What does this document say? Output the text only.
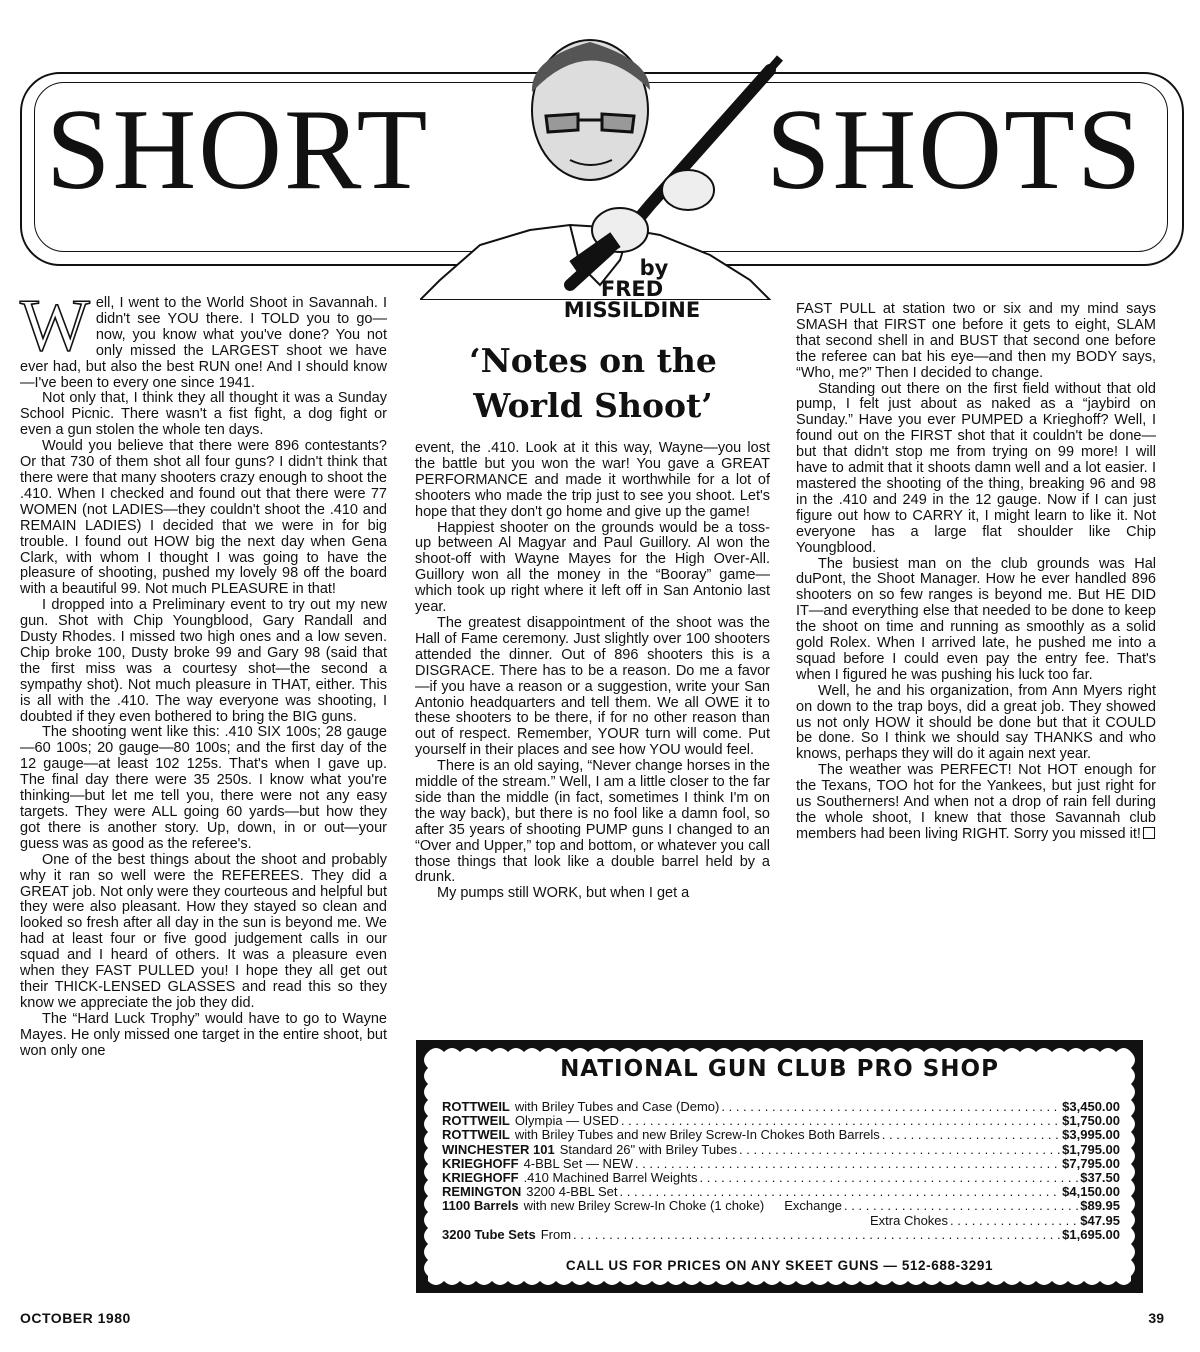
SHORT	SHOTS
by
FRED
MISSILDINE
‘Notes on the
World Shoot’

Well, I went to the World Shoot in Savannah. I didn't see YOU there. I TOLD you to go—now, you know what you've done? You not only missed the LARGEST shoot we have ever had, but also the best RUN one! And I should know—I've been to every one since 1941.

Not only that, I think they all thought it was a Sunday School Picnic. There wasn't a fist fight, a dog fight or even a gun stolen the whole ten days.

Would you believe that there were 896 contestants? Or that 730 of them shot all four guns? I didn't think that there were that many shooters crazy enough to shoot the .410. When I checked and found out that there were 77 WOMEN (not LADIES—they couldn't shoot the .410 and REMAIN LADIES) I decided that we were in for big trouble. I found out HOW big the next day when Gena Clark, with whom I thought I was going to have the pleasure of shooting, pushed my lovely 98 off the board with a beautiful 99. Not much PLEASURE in that!

I dropped into a Preliminary event to try out my new gun. Shot with Chip Youngblood, Gary Randall and Dusty Rhodes. I missed two high ones and a low seven. Chip broke 100, Dusty broke 99 and Gary 98 (said that the first miss was a courtesy shot—the second a sympathy shot). Not much pleasure in THAT, either. This is all with the .410. The way everyone was shooting, I doubted if they even bothered to bring the BIG guns.

The shooting went like this: .410 SIX 100s; 28 gauge—60 100s; 20 gauge—80 100s; and the first day of the 12 gauge—at least 102 125s. That's when I gave up. The final day there were 35 250s. I know what you're thinking—but let me tell you, there were not any easy targets. They were ALL going 60 yards—but how they got there is another story. Up, down, in or out—your guess was as good as the referee's.

One of the best things about the shoot and probably why it ran so well were the REFEREES. They did a GREAT job. Not only were they courteous and helpful but they were also pleasant. How they stayed so clean and looked so fresh after all day in the sun is beyond me. We had at least four or five good judgement calls in our squad and I heard of others. It was a pleasure even when they FAST PULLED you! I hope they all get out their THICK-LENSED GLASSES and read this so they know we appreciate the job they did.

The “Hard Luck Trophy” would have to go to Wayne Mayes. He only missed one target in the entire shoot, but won only one

event, the .410. Look at it this way, Wayne—you lost the battle but you won the war! You gave a GREAT PERFORMANCE and made it worthwhile for a lot of shooters who made the trip just to see you shoot. Let's hope that they don't go home and give up the game!

Happiest shooter on the grounds would be a toss-up between Al Magyar and Paul Guillory. Al won the shoot-off with Wayne Mayes for the High Over-All. Guillory won all the money in the “Booray” game—which took up right where it left off in San Antonio last year.

The greatest disappointment of the shoot was the Hall of Fame ceremony. Just slightly over 100 shooters attended the dinner. Out of 896 shooters this is a DISGRACE. There has to be a reason. Do me a favor—if you have a reason or a suggestion, write your San Antonio headquarters and tell them. We all OWE it to these shooters to be there, if for no other reason than out of respect. Remember, YOUR turn will come. Put yourself in their places and see how YOU would feel.

There is an old saying, “Never change horses in the middle of the stream.” Well, I am a little closer to the far side than the middle (in fact, sometimes I think I'm on the way back), but there is no fool like a damn fool, so after 35 years of shooting PUMP guns I changed to an “Over and Upper,” top and bottom, or whatever you call those things that look like a double barrel held by a drunk.

My pumps still WORK, but when I get a

FAST PULL at station two or six and my mind says SMASH that FIRST one before it gets to eight, SLAM that second shell in and BUST that second one before the referee can bat his eye—and then my BODY says, “Who, me?” Then I decided to change.

Standing out there on the first field without that old pump, I felt just about as naked as a “jaybird on Sunday.” Have you ever PUMPED a Krieghoff? Well, I found out on the FIRST shot that it couldn't be done—but that didn't stop me from trying on 99 more! I will have to admit that it shoots damn well and a lot easier. I mastered the shooting of the thing, breaking 96 and 98 in the .410 and 249 in the 12 gauge. Now if I can just figure out how to CARRY it, I might learn to like it. Not everyone has a large flat shoulder like Chip Youngblood.

The busiest man on the club grounds was Hal duPont, the Shoot Manager. How he ever handled 896 shooters on so few ranges is beyond me. But HE DID IT—and everything else that needed to be done to keep the shoot on time and running as smoothly as a solid gold Rolex. When I arrived late, he pushed me into a squad before I could even pay the entry fee. That's when I figured he was pushing his luck too far.

Well, he and his organization, from Ann Myers right on down to the trap boys, did a great job. They showed us not only HOW it should be done but that it COULD be done. So I think we should say THANKS and who knows, perhaps they will do it again next year.

The weather was PERFECT! Not HOT enough for the Texans, TOO hot for the Yankees, but just right for us Southerners! And when not a drop of rain fell during the whole shoot, I knew that those Savannah club members had been living RIGHT. Sorry you missed it!

NATIONAL GUN CLUB PRO SHOP
ROTTWEIL with Briley Tubes and Case (Demo) . . .	$3,450.00
ROTTWEIL Olympia — USED . . .	$1,750.00
ROTTWEIL with Briley Tubes and new Briley Screw-In Chokes Both Barrels . . .	$3,995.00
WINCHESTER 101 Standard 26" with Briley Tubes . . .	$1,795.00
KRIEGHOFF 4-BBL Set — NEW . . .	$7,795.00
KRIEGHOFF .410 Machined Barrel Weights . . .	$37.50
REMINGTON 3200 4-BBL Set . . .	$4,150.00
1100 Barrels with new Briley Screw-In Choke (1 choke) Exchange . . .	$89.95
Extra Chokes . . .	$47.95
3200 Tube Sets From . . .	$1,695.00
CALL US FOR PRICES ON ANY SKEET GUNS — 512-688-3291
OCTOBER 1980	39
